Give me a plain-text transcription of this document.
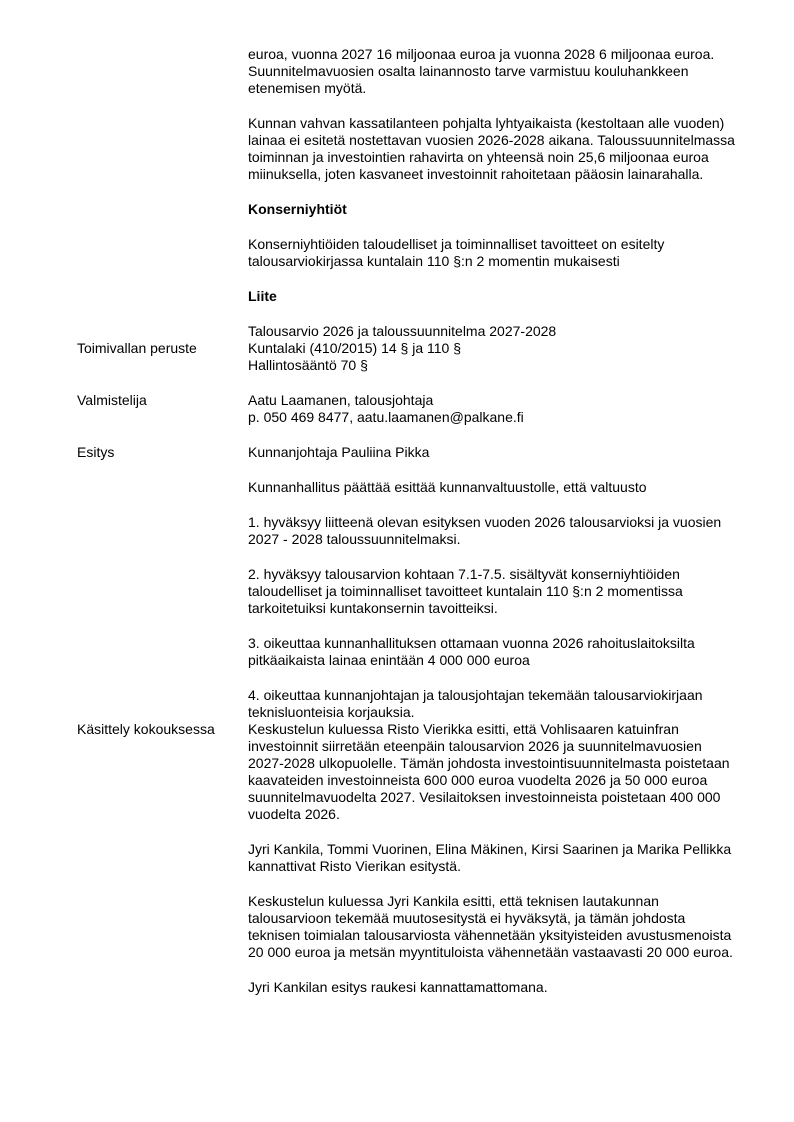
euroa, vuonna 2027 16 miljoonaa euroa ja vuonna 2028 6 miljoonaa euroa. Suunnitelmavuosien osalta lainannosto tarve varmistuu kouluhankkeen etenemisen myötä.

Kunnan vahvan kassatilanteen pohjalta lyhtyaikaista (kestoltaan alle vuoden) lainaa ei esitetä nostettavan vuosien 2026-2028 aikana. Taloussuunnitelmassa toiminnan ja investointien rahavirta on yhteensä noin 25,6 miljoonaa euroa miinuksella, joten kasvaneet investoinnit rahoitetaan pääosin lainarahalla.

Konserniyhtiöt

Konserniyhtiöiden taloudelliset ja toiminnalliset tavoitteet on esitelty talousarviokirjassa kuntalain 110 §:n 2 momentin mukaisesti

Liite

Talousarvio 2026 ja taloussuunnitelma 2027-2028

Toimivallan peruste	Kuntalaki (410/2015) 14 § ja 110 §
Hallintosääntö 70 §
Valmistelija	Aatu Laamanen, talousjohtaja
p. 050 469 8477, aatu.laamanen@palkane.fi
Esitys	Kunnanjohtaja Pauliina Pikka

Kunnanhallitus päättää esittää kunnanvaltuustolle, että valtuusto

1. hyväksyy liitteenä olevan esityksen vuoden 2026 talousarvioksi ja vuosien 2027 - 2028 taloussuunnitelmaksi.

2. hyväksyy talousarvion kohtaan 7.1-7.5. sisältyvät konserniyhtiöiden taloudelliset ja toiminnalliset tavoitteet kuntalain 110 §:n 2 momentissa tarkoitetuiksi kuntakonsernin tavoitteiksi.

3. oikeuttaa kunnanhallituksen ottamaan vuonna 2026 rahoituslaitoksilta pitkäaikaista lainaa enintään 4 000 000 euroa

4. oikeuttaa kunnanjohtajan ja talousjohtajan tekemään talousarviokirjaan teknisluonteisia korjauksia.

Käsittely kokouksessa	Keskustelun kuluessa Risto Vierikka esitti, että Vohlisaaren katuinfran investoinnit siirretään eteenpäin talousarvion 2026 ja suunnitelmavuosien 2027-2028 ulkopuolelle. Tämän johdosta investointisuunnitelmasta poistetaan kaavateiden investoinneista 600 000 euroa vuodelta 2026 ja 50 000 euroa suunnitelmavuodelta 2027. Vesilaitoksen investoinneista poistetaan 400 000 vuodelta 2026.

Jyri Kankila, Tommi Vuorinen, Elina Mäkinen, Kirsi Saarinen ja Marika Pellikka kannattivat Risto Vierikan esitystä.

Keskustelun kuluessa Jyri Kankila esitti, että teknisen lautakunnan talousarvioon tekemää muutosesitystä ei hyväksytä, ja tämän johdosta teknisen toimialan talousarviosta vähennetään yksityisteiden avustusmenoista 20 000 euroa ja metsän myyntituloista vähennetään vastaavasti 20 000 euroa.

Jyri Kankilan esitys raukesi kannattamattomana.
